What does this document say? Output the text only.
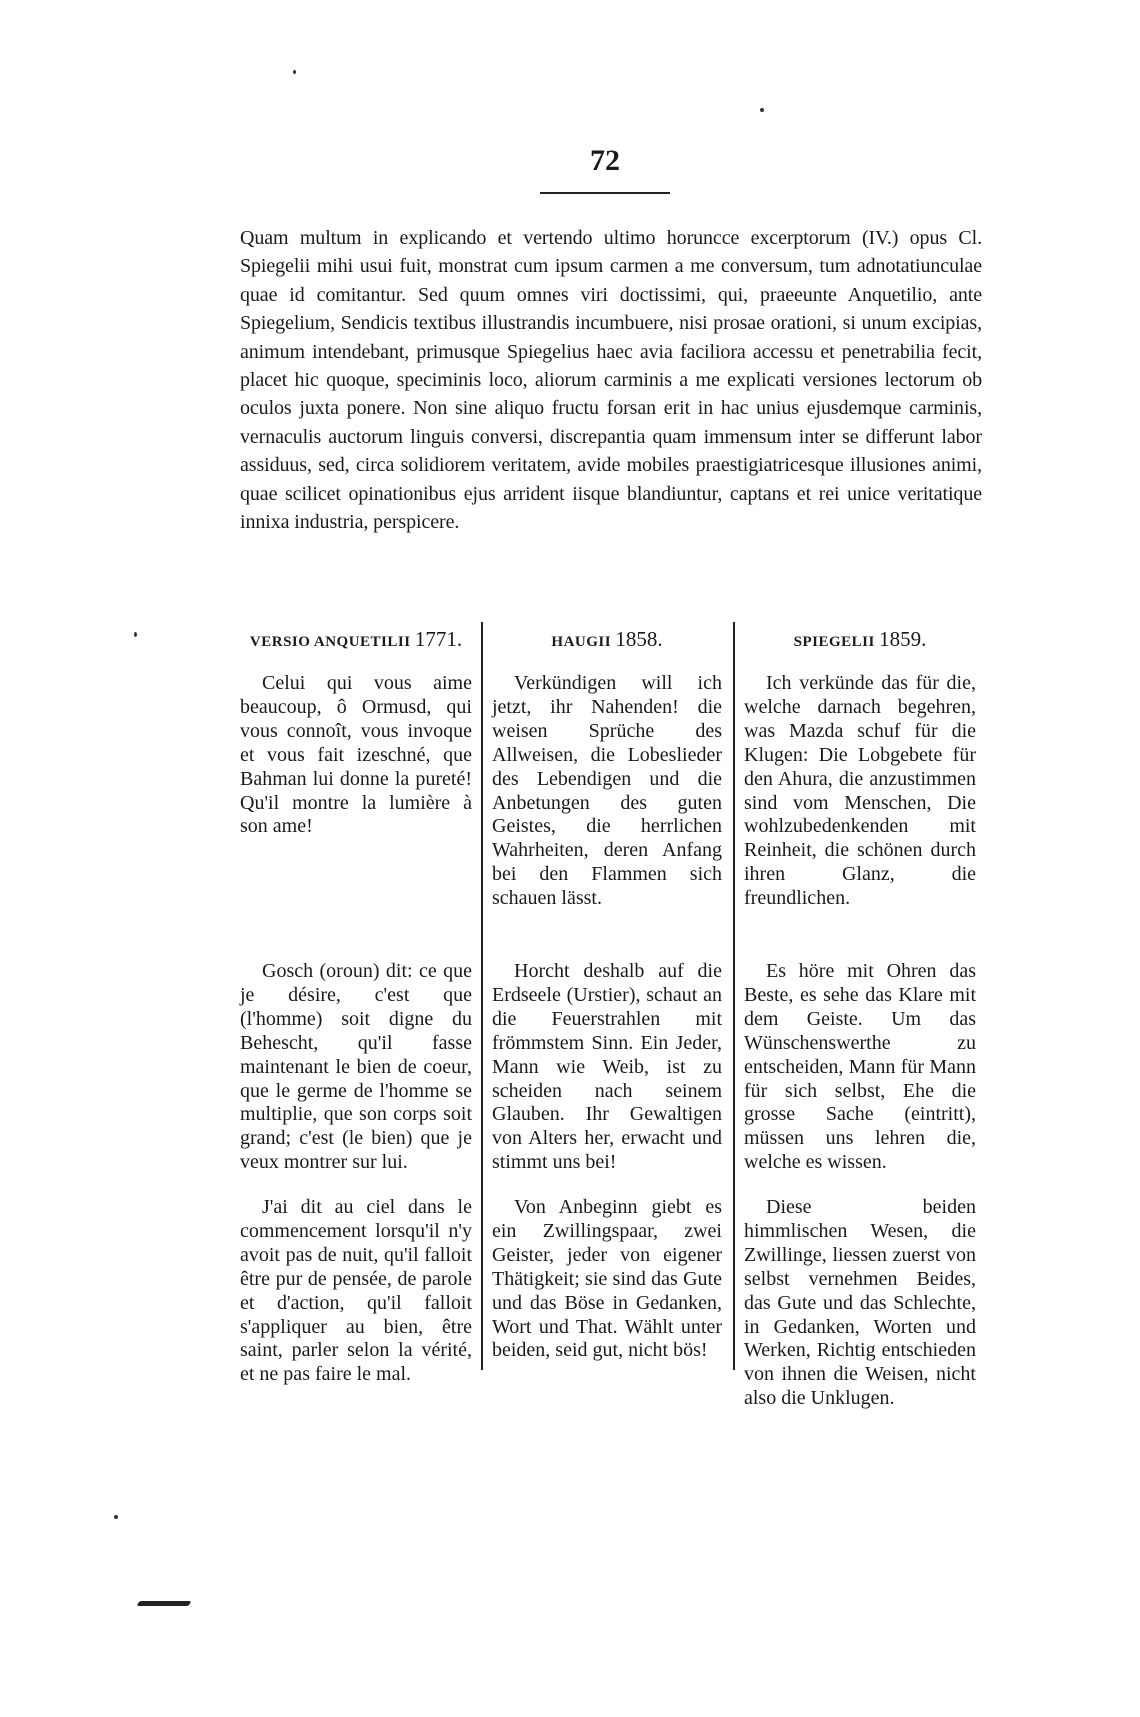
72

Quam multum in explicando et vertendo ultimo horuncce excerptorum (IV.) opus Cl. Spiegelii mihi usui fuit, monstrat cum ipsum carmen a me conversum, tum adnotatiunculae quae id comitantur. Sed quum omnes viri doctissimi, qui, praeeunte Anquetilio, ante Spiegelium, Sendicis textibus illustrandis incumbuere, nisi prosae orationi, si unum excipias, animum intendebant, primusque Spiegelius haec avia faciliora accessu et penetrabilia fecit, placet hic quoque, speciminis loco, aliorum carminis a me explicati versiones lectorum ob oculos juxta ponere. Non sine aliquo fructu forsan erit in hac unius ejusdemque carminis, vernaculis auctorum linguis conversi, discrepantia quam immensum inter se differunt labor assiduus, sed, circa solidiorem veritatem, avide mobiles praestigiatricesque illusiones animi, quae scilicet opinationibus ejus arrident iisque blandiuntur, captans et rei unice veritatique innixa industria, perspicere.

VERSIO ANQUETILII 1771.

Celui qui vous aime beaucoup, ô Ormusd, qui vous connoît, vous invoque et vous fait izeschné, que Bahman lui donne la pureté! Qu'il montre la lumière à son ame!

Gosch (oroun) dit: ce que je désire, c'est que (l'homme) soit digne du Behescht, qu'il fasse maintenant le bien de coeur, que le germe de l'homme se multiplie, que son corps soit grand; c'est (le bien) que je veux montrer sur lui.

J'ai dit au ciel dans le commencement lorsqu'il n'y avoit pas de nuit, qu'il falloit être pur de pensée, de parole et d'action, qu'il falloit s'appliquer au bien, être saint, parler selon la vérité, et ne pas faire le mal.

HAUGII 1858.

Verkündigen will ich jetzt, ihr Nahenden! die weisen Sprüche des Allweisen, die Lobeslieder des Lebendigen und die Anbetungen des guten Geistes, die herrlichen Wahrheiten, deren Anfang bei den Flammen sich schauen lässt.

Horcht deshalb auf die Erdseele (Urstier), schaut an die Feuerstrahlen mit frömmstem Sinn. Ein Jeder, Mann wie Weib, ist zu scheiden nach seinem Glauben. Ihr Gewaltigen von Alters her, erwacht und stimmt uns bei!

Von Anbeginn giebt es ein Zwillingspaar, zwei Geister, jeder von eigener Thätigkeit; sie sind das Gute und das Böse in Gedanken, Wort und That. Wählt unter beiden, seid gut, nicht bös!

SPIEGELII 1859.

Ich verkünde das für die, welche darnach begehren, was Mazda schuf für die Klugen: Die Lobgebete für den Ahura, die anzustimmen sind vom Menschen, Die wohlzubedenkenden mit Reinheit, die schönen durch ihren Glanz, die freundlichen.

Es höre mit Ohren das Beste, es sehe das Klare mit dem Geiste. Um das Wünschenswerthe zu entscheiden, Mann für Mann für sich selbst, Ehe die grosse Sache (eintritt), müssen uns lehren die, welche es wissen.

Diese beiden himmlischen Wesen, die Zwillinge, liessen zuerst von selbst vernehmen Beides, das Gute und das Schlechte, in Gedanken, Worten und Werken, Richtig entschieden von ihnen die Weisen, nicht also die Unklugen.
